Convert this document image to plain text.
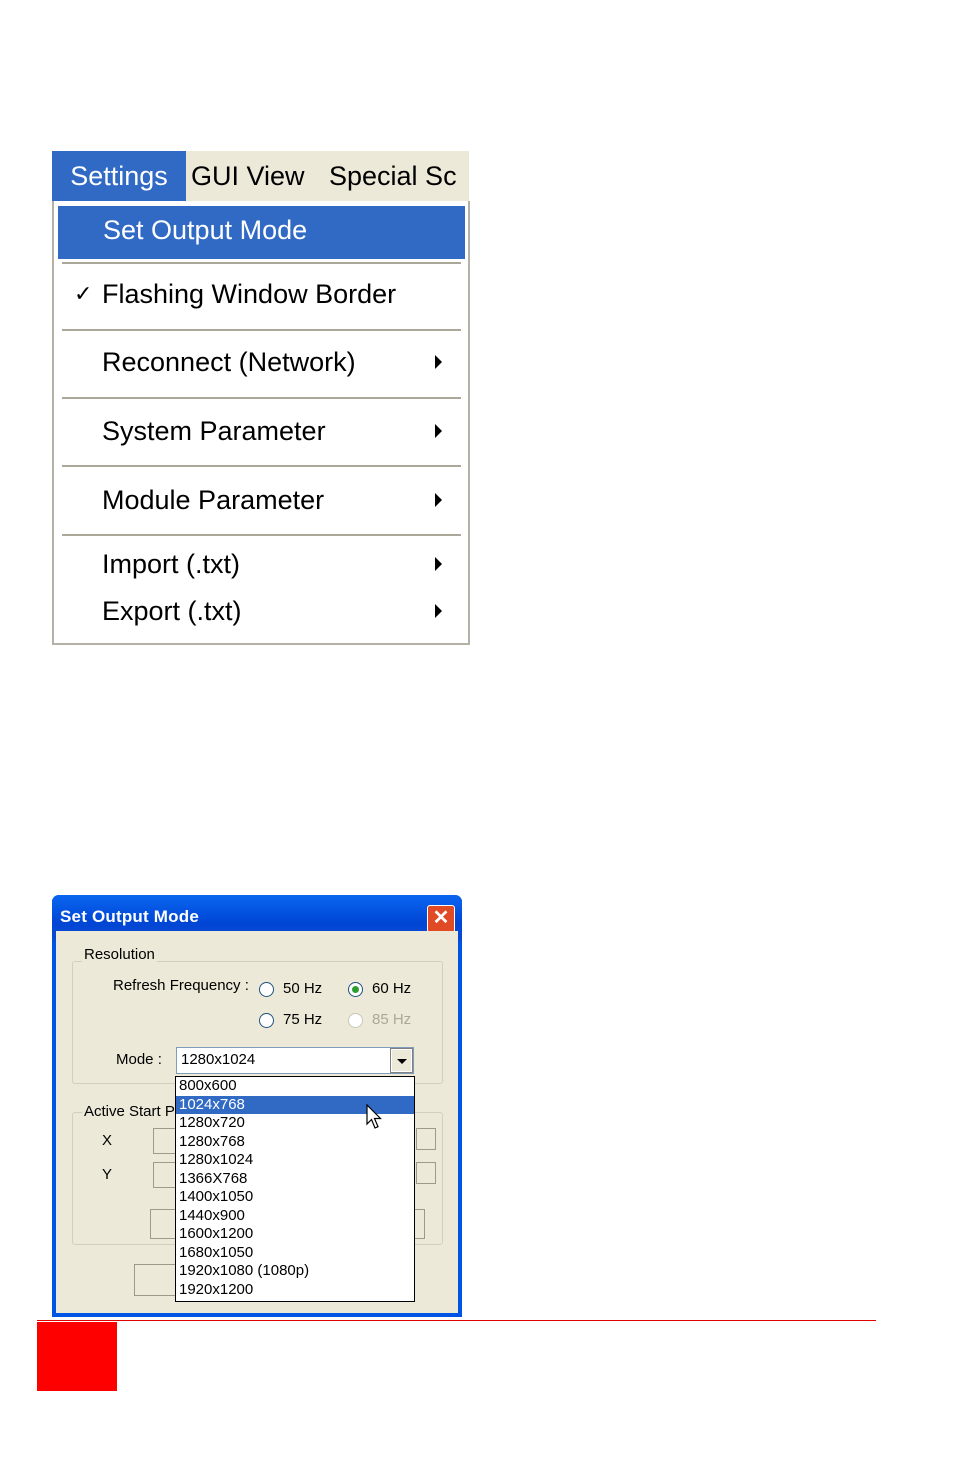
Settings GUI View Special Sc
Set Output Mode
✓ Flashing Window Border
Reconnect (Network)
System Parameter
Module Parameter
Import (.txt)
Export (.txt)
Set Output Mode	✕
Resolution
Refresh Frequency : 50 Hz	60 Hz
75 Hz	85 Hz
Mode : 1280x1024
Active Start P
X
Y
800x600
1024x768
1280x720
1280x768
1280x1024
1366X768
1400x1050
1440x900
1600x1200
1680x1050
1920x1080 (1080p)
1920x1200
